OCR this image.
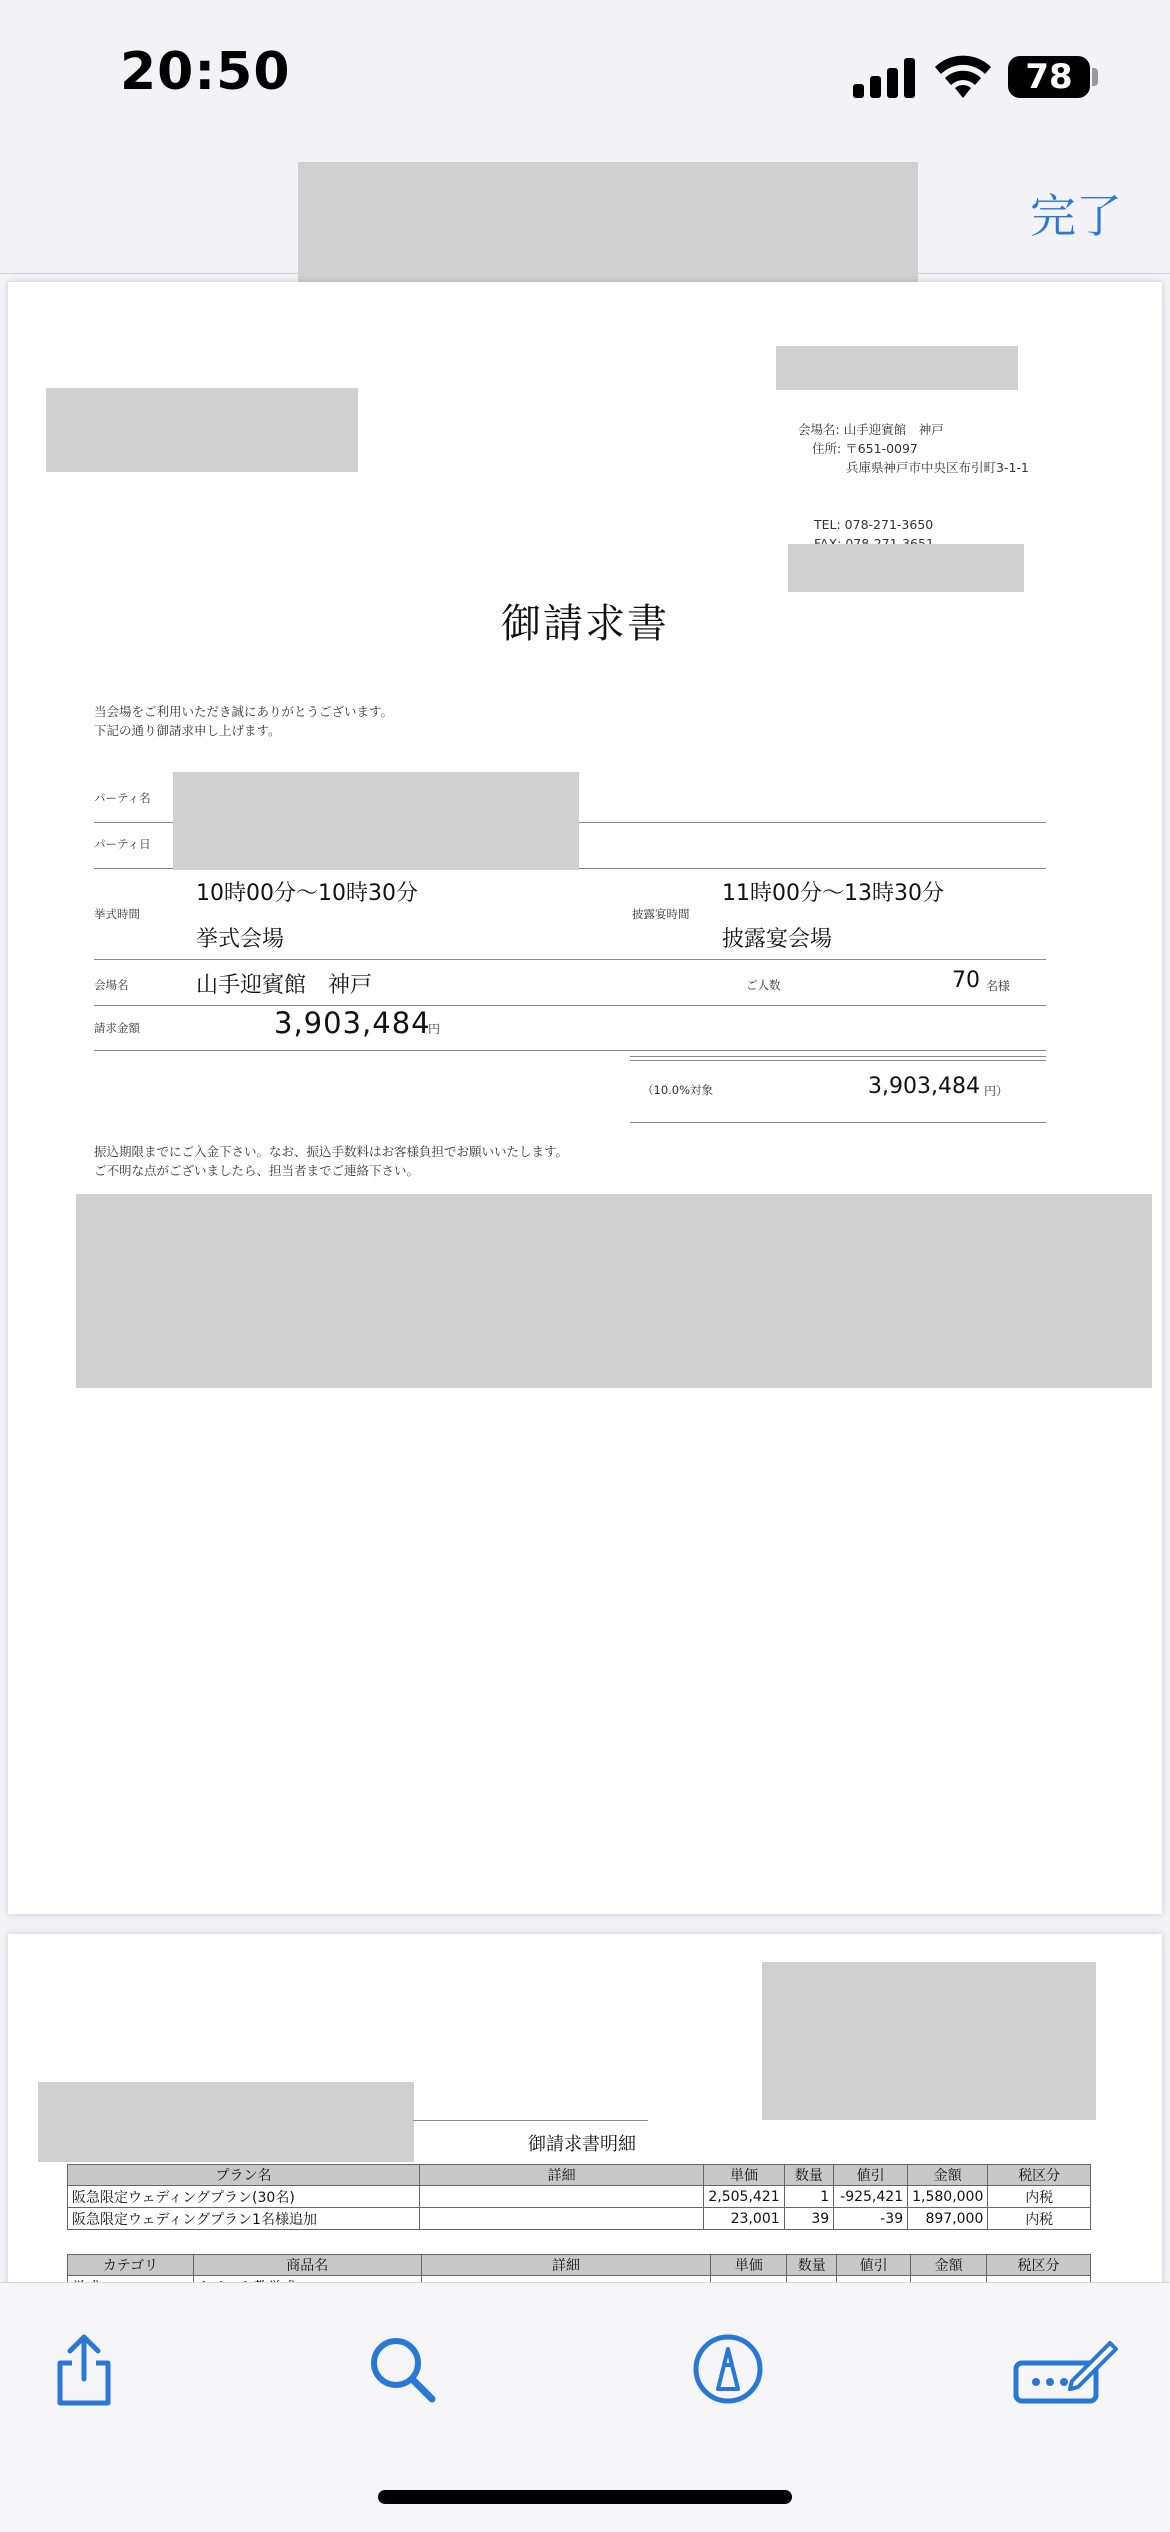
20:50	78
完了
会場名: 山手迎賓館　神戸
住所: 〒651-0097
兵庫県神戸市中央区布引町3-1-1
TEL: 078-271-3650
御請求書
当会場をご利用いただき誠にありがとうございます。
下記の通り御請求申し上げます。
パーティ名
パーティ日
10時00分～10時30分
挙式時間
挙式会場
11時00分～13時30分
披露宴時間
披露宴会場
会場名	山手迎賓館　神戸	ご人数	70 名様
請求金額	3,903,484
円
（10.0%対象	3,903,484 円）
振込期限までにご入金下さい。なお、振込手数料はお客様負担でお願いいたします。
ご不明な点がございましたら、担当者までご連絡下さい。
御請求書明細
プラン名	詳細	単価	数量	値引	金額	税区分
阪急限定ウェディングプラン(30名)		2,505,421	1	-925,421	1,580,000	内税
阪急限定ウェディングプラン1名様追加		23,001	39	-39	897,000	内税
カテゴリ	商品名	詳細	単価	数量	値引	金額	税区分
